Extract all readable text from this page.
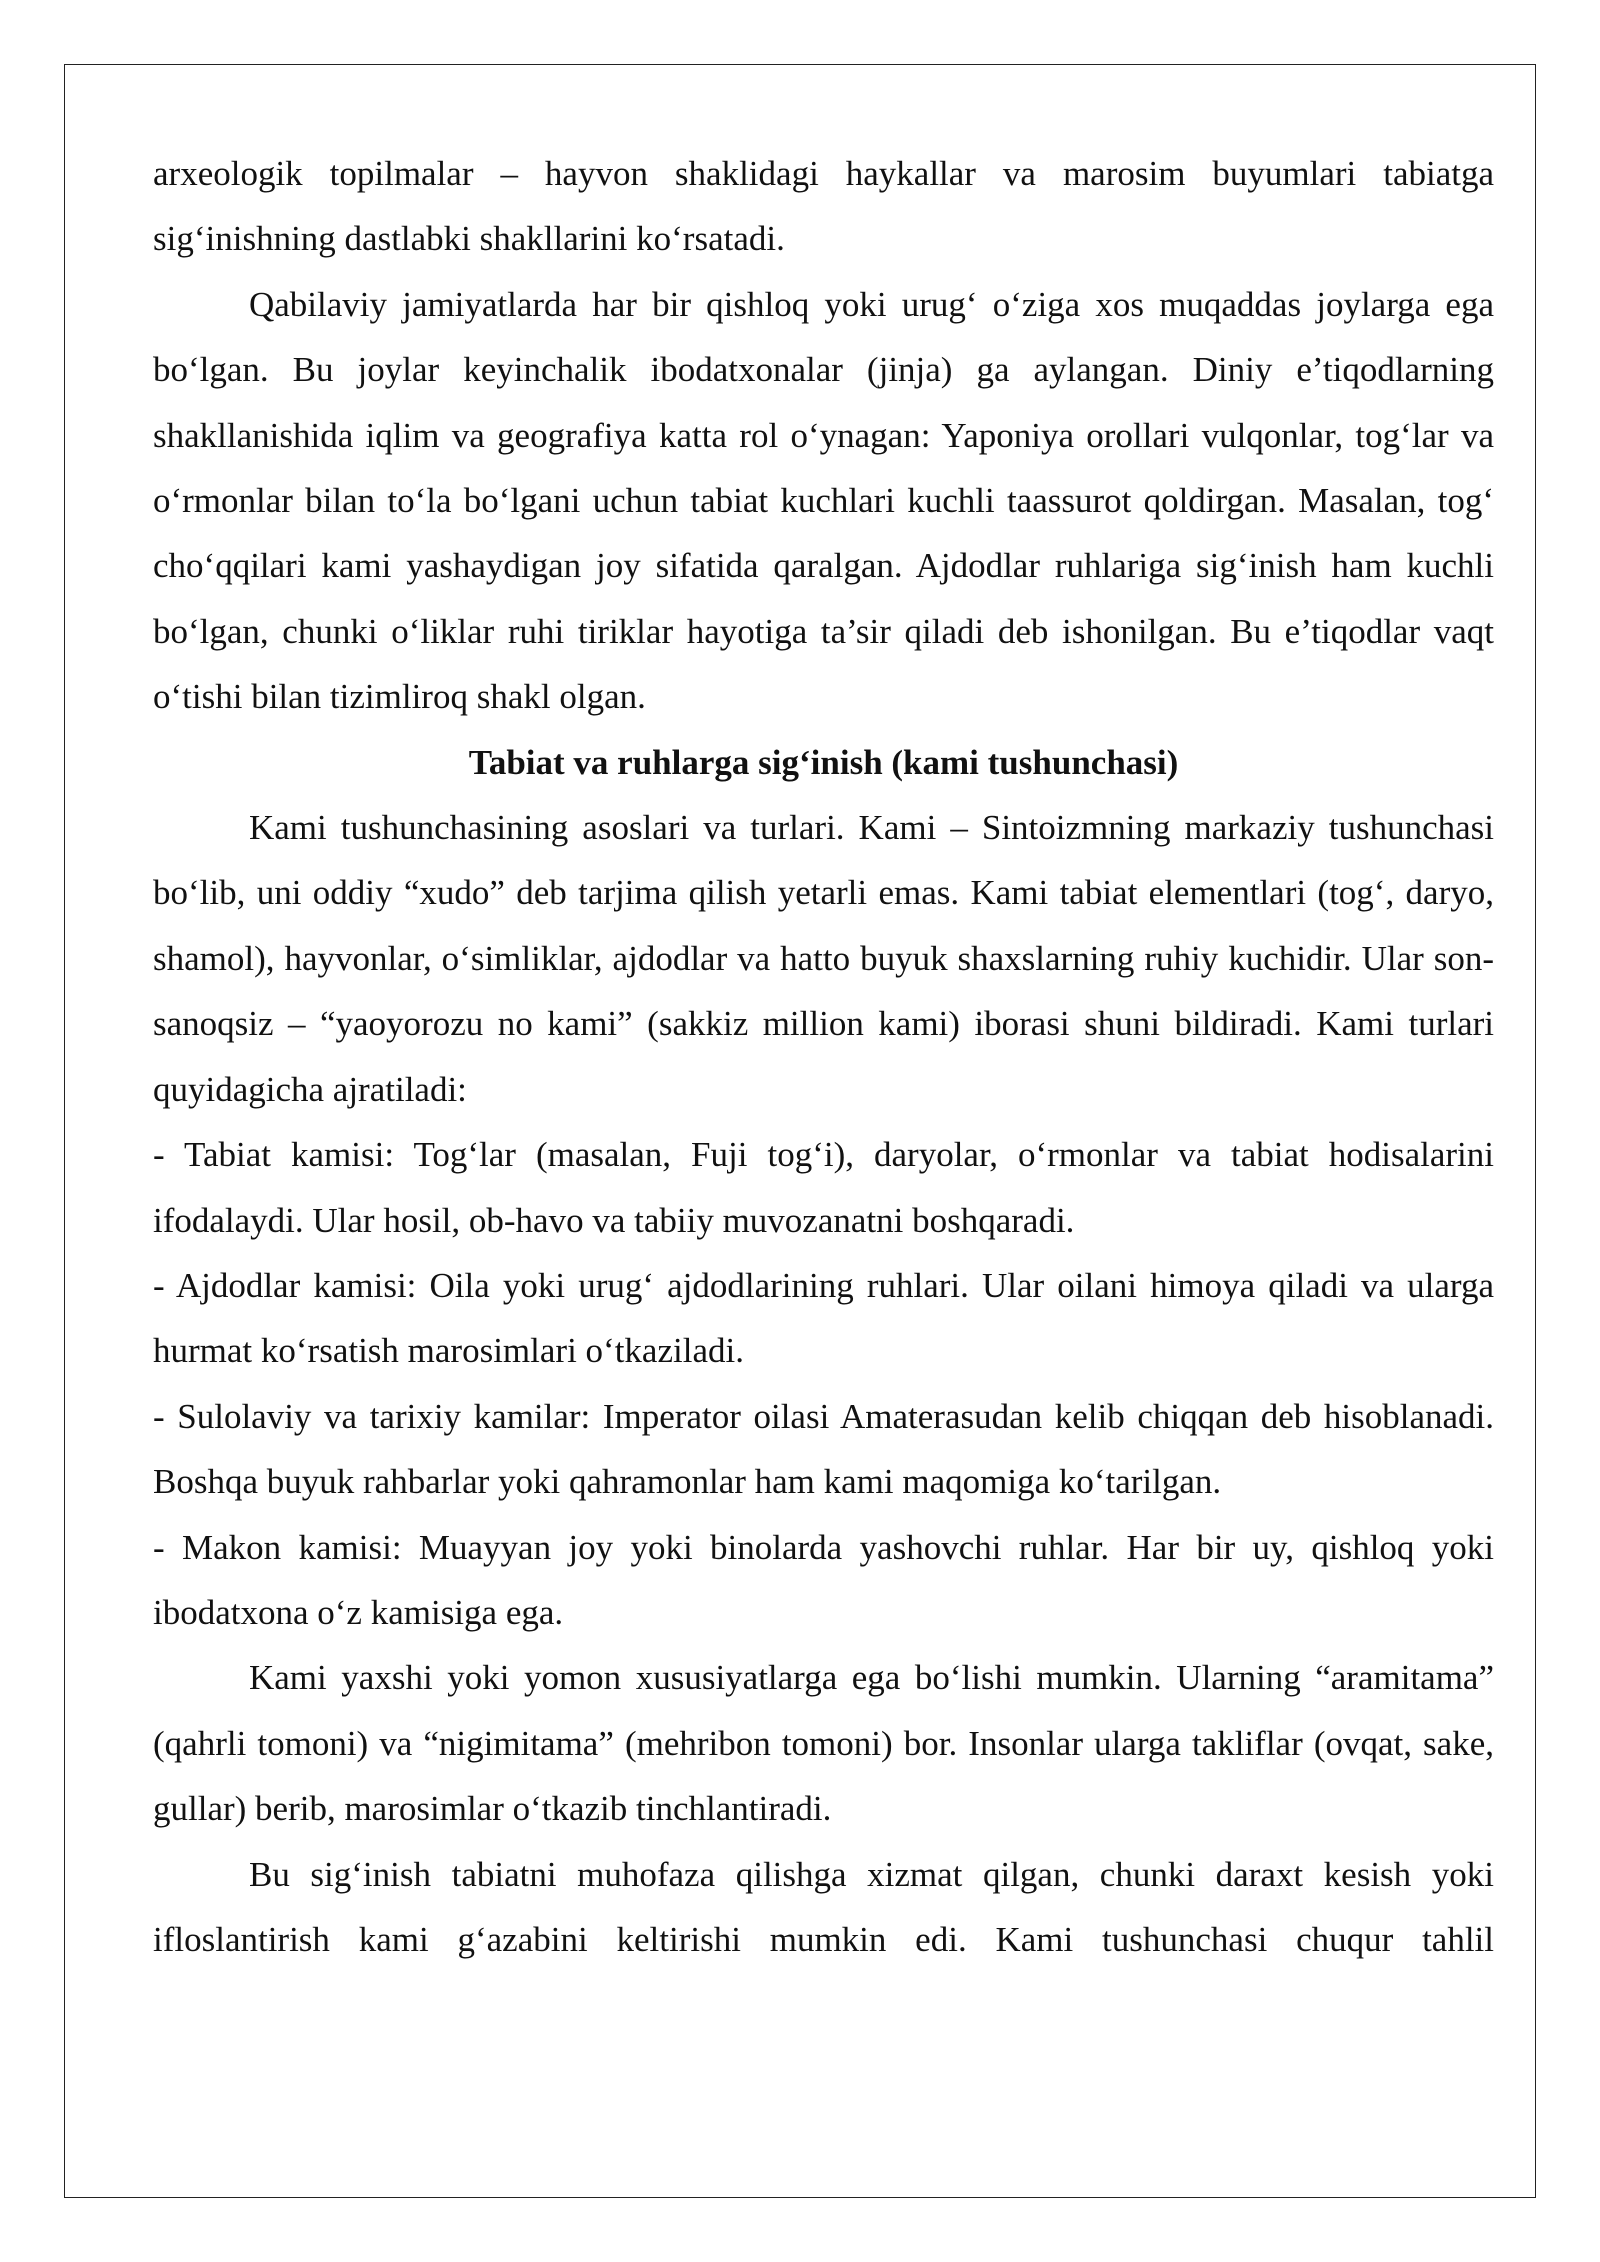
arxeologik topilmalar – hayvon shaklidagi haykallar va marosim buyumlari tabiatga sig‘inishning dastlabki shakllarini ko‘rsatadi.

Qabilaviy jamiyatlarda har bir qishloq yoki urug‘ o‘ziga xos muqaddas joylarga ega bo‘lgan. Bu joylar keyinchalik ibodatxonalar (jinja) ga aylangan. Diniy e’tiqodlarning shakllanishida iqlim va geografiya katta rol o‘ynagan: Yaponiya orollari vulqonlar, tog‘lar va o‘rmonlar bilan to‘la bo‘lgani uchun tabiat kuchlari kuchli taassurot qoldirgan. Masalan, tog‘ cho‘qqilari kami yashaydigan joy sifatida qaralgan. Ajdodlar ruhlariga sig‘inish ham kuchli bo‘lgan, chunki o‘liklar ruhi tiriklar hayotiga ta’sir qiladi deb ishonilgan. Bu e’tiqodlar vaqt o‘tishi bilan tizimliroq shakl olgan.

Tabiat va ruhlarga sig‘inish (kami tushunchasi)

Kami tushunchasining asoslari va turlari. Kami – Sintoizmning markaziy tushunchasi bo‘lib, uni oddiy “xudo” deb tarjima qilish yetarli emas. Kami tabiat elementlari (tog‘, daryo, shamol), hayvonlar, o‘simliklar, ajdodlar va hatto buyuk shaxslarning ruhiy kuchidir. Ular son-sanoqsiz – “yaoyorozu no kami” (sakkiz million kami) iborasi shuni bildiradi. Kami turlari quyidagicha ajratiladi:

- Tabiat kamisi: Tog‘lar (masalan, Fuji tog‘i), daryolar, o‘rmonlar va tabiat hodisalarini ifodalaydi. Ular hosil, ob-havo va tabiiy muvozanatni boshqaradi.

- Ajdodlar kamisi: Oila yoki urug‘ ajdodlarining ruhlari. Ular oilani himoya qiladi va ularga hurmat ko‘rsatish marosimlari o‘tkaziladi.

- Sulolaviy va tarixiy kamilar: Imperator oilasi Amaterasudan kelib chiqqan deb hisoblanadi. Boshqa buyuk rahbarlar yoki qahramonlar ham kami maqomiga ko‘tarilgan.

- Makon kamisi: Muayyan joy yoki binolarda yashovchi ruhlar. Har bir uy, qishloq yoki ibodatxona o‘z kamisiga ega.

Kami yaxshi yoki yomon xususiyatlarga ega bo‘lishi mumkin. Ularning “aramitama” (qahrli tomoni) va “nigimitama” (mehribon tomoni) bor. Insonlar ularga takliflar (ovqat, sake, gullar) berib, marosimlar o‘tkazib tinchlantiradi.

Bu sig‘inish tabiatni muhofaza qilishga xizmat qilgan, chunki daraxt kesish yoki ifloslantirish kami g‘azabini keltirishi mumkin edi. Kami tushunchasi chuqur tahlil
